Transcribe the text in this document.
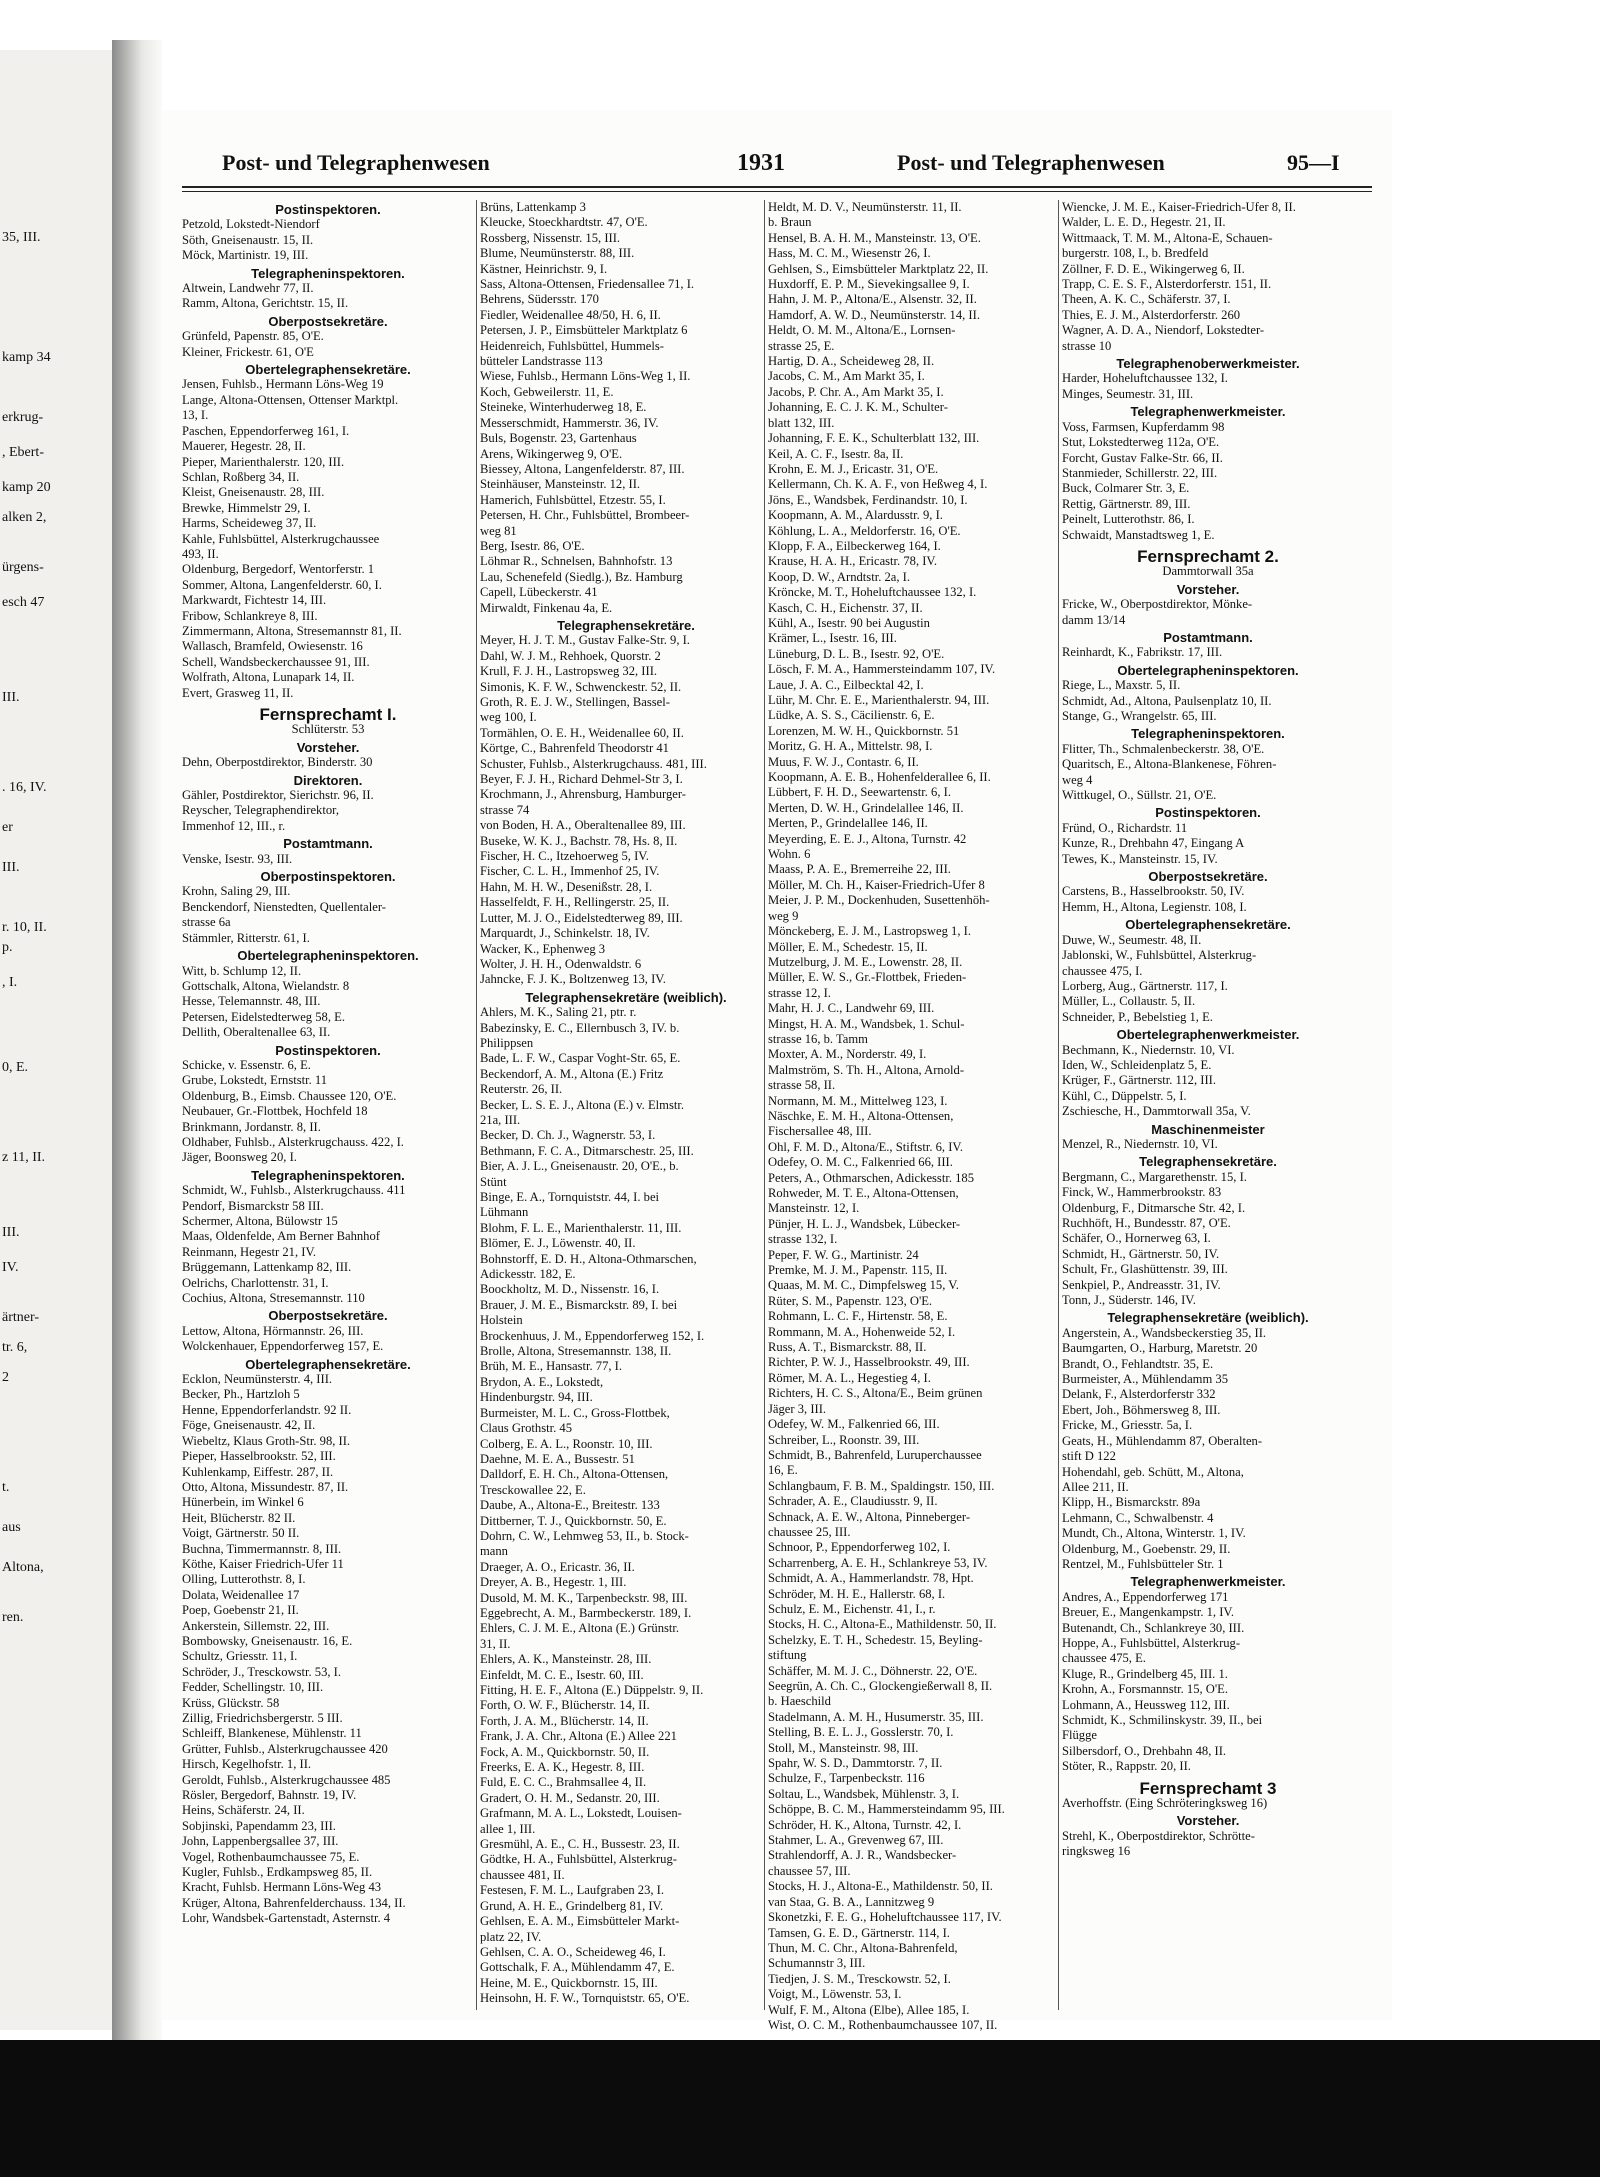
35, III.
kamp 34
erkrug-
, Ebert-
kamp 20
alken 2,
ürgens-
esch 47
III.
. 16, IV.
er
III.
r. 10, II.
p.
, I.
0, E.
z 11, II.
III.
IV.
ärtner-
tr. 6,
2
t.
aus
Altona,
ren.
Post- und Telegraphenwesen	1931	Post- und Telegraphenwesen	95—I
Postinspektoren.
Petzold, Lokstedt-Niendorf
Söth, Gneisenaustr. 15, II.
Möck, Martinistr. 19, III.
Telegrapheninspektoren.
Altwein, Landwehr 77, II.
Ramm, Altona, Gerichtstr. 15, II.
Oberpostsekretäre.
Grünfeld, Papenstr. 85, O'E.
Kleiner, Frickestr. 61, O'E
Obertelegraphensekretäre.
Jensen, Fuhlsb., Hermann Löns-Weg 19
Lange, Altona-Ottensen, Ottenser Marktpl.
13, I.
Paschen, Eppendorferweg 161, I.
Mauerer, Hegestr. 28, II.
Pieper, Marienthalerstr. 120, III.
Schlan, Roßberg 34, II.
Kleist, Gneisenaustr. 28, III.
Brewke, Himmelstr 29, I.
Harms, Scheideweg 37, II.
Kahle, Fuhlsbüttel, Alsterkrugchaussee
493, II.
Oldenburg, Bergedorf, Wentorferstr. 1
Sommer, Altona, Langenfelderstr. 60, I.
Markwardt, Fichtestr 14, III.
Fribow, Schlankreye 8, III.
Zimmermann, Altona, Stresemannstr 81, II.
Wallasch, Bramfeld, Owiesenstr. 16
Schell, Wandsbeckerchaussee 91, III.
Wolfrath, Altona, Lunapark 14, II.
Evert, Grasweg 11, II.
Fernsprechamt I.
Schlüterstr. 53
Vorsteher.
Dehn, Oberpostdirektor, Binderstr. 30
Direktoren.
Gähler, Postdirektor, Sierichstr. 96, II.
Reyscher, Telegraphendirektor,
Immenhof 12, III., r.
Postamtmann.
Venske, Isestr. 93, III.
Oberpostinspektoren.
Krohn, Saling 29, III.
Benckendorf, Nienstedten, Quellentaler-
strasse 6a
Stämmler, Ritterstr. 61, I.
Obertelegrapheninspektoren.
Witt, b. Schlump 12, II.
Gottschalk, Altona, Wielandstr. 8
Hesse, Telemannstr. 48, III.
Petersen, Eidelstedterweg 58, E.
Dellith, Oberaltenallee 63, II.
Postinspektoren.
Schicke, v. Essenstr. 6, E.
Grube, Lokstedt, Ernststr. 11
Oldenburg, B., Eimsb. Chaussee 120, O'E.
Neubauer, Gr.-Flottbek, Hochfeld 18
Brinkmann, Jordanstr. 8, II.
Oldhaber, Fuhlsb., Alsterkrugchauss. 422, I.
Jäger, Boonsweg 20, I.
Telegrapheninspektoren.
Schmidt, W., Fuhlsb., Alsterkrugchauss. 411
Pendorf, Bismarckstr 58 III.
Schermer, Altona, Bülowstr 15
Maas, Oldenfelde, Am Berner Bahnhof
Reinmann, Hegestr 21, IV.
Brüggemann, Lattenkamp 82, III.
Oelrichs, Charlottenstr. 31, I.
Cochius, Altona, Stresemannstr. 110
Oberpostsekretäre.
Lettow, Altona, Hörmannstr. 26, III.
Wolckenhauer, Eppendorferweg 157, E.
Obertelegraphensekretäre.
Ecklon, Neumünsterstr. 4, III.
Becker, Ph., Hartzloh 5
Henne, Eppendorferlandstr. 92 II.
Föge, Gneisenaustr. 42, II.
Wiebeltz, Klaus Groth-Str. 98, II.
Pieper, Hasselbrookstr. 52, III.
Kuhlenkamp, Eiffestr. 287, II.
Otto, Altona, Missundestr. 87, II.
Hünerbein, im Winkel 6
Heit, Blücherstr. 82 II.
Voigt, Gärtnerstr. 50 II.
Buchna, Timmermannstr. 8, III.
Köthe, Kaiser Friedrich-Ufer 11
Olling, Lutterothstr. 8, I.
Dolata, Weidenallee 17
Poep, Goebenstr 21, II.
Ankerstein, Sillemstr. 22, III.
Bombowsky, Gneisenaustr. 16, E.
Schultz, Griesstr. 11, I.
Schröder, J., Tresckowstr. 53, I.
Fedder, Schellingstr. 10, III.
Krüss, Glückstr. 58
Zillig, Friedrichsbergerstr. 5 III.
Schleiff, Blankenese, Mühlenstr. 11
Grütter, Fuhlsb., Alsterkrugchaussee 420
Hirsch, Kegelhofstr. 1, II.
Geroldt, Fuhlsb., Alsterkrugchaussee 485
Rösler, Bergedorf, Bahnstr. 19, IV.
Heins, Schäferstr. 24, II.
Sobjinski, Papendamm 23, III.
John, Lappenbergsallee 37, III.
Vogel, Rothenbaumchaussee 75, E.
Kugler, Fuhlsb., Erdkampsweg 85, II.
Kracht, Fuhlsb. Hermann Löns-Weg 43
Krüger, Altona, Bahrenfelderchauss. 134, II.
Lohr, Wandsbek-Gartenstadt, Asternstr. 4
Brüns, Lattenkamp 3
Kleucke, Stoeckhardtstr. 47, O'E.
Rossberg, Nissenstr. 15, III.
Blume, Neumünsterstr. 88, III.
Kästner, Heinrichstr. 9, I.
Sass, Altona-Ottensen, Friedensallee 71, I.
Behrens, Südersstr. 170
Fiedler, Weidenallee 48/50, H. 6, II.
Petersen, J. P., Eimsbütteler Marktplatz 6
Heidenreich, Fuhlsbüttel, Hummels-
bütteler Landstrasse 113
Wiese, Fuhlsb., Hermann Löns-Weg 1, II.
Koch, Gebweilerstr. 11, E.
Steineke, Winterhuderweg 18, E.
Messerschmidt, Hammerstr. 36, IV.
Buls, Bogenstr. 23, Gartenhaus
Arens, Wikingerweg 9, O'E.
Biessey, Altona, Langenfelderstr. 87, III.
Steinhäuser, Mansteinstr. 12, II.
Hamerich, Fuhlsbüttel, Etzestr. 55, I.
Petersen, H. Chr., Fuhlsbüttel, Brombeer-
weg 81
Berg, Isestr. 86, O'E.
Löhmar R., Schnelsen, Bahnhofstr. 13
Lau, Schenefeld (Siedlg.), Bz. Hamburg
Capell, Lübeckerstr. 41
Mirwaldt, Finkenau 4a, E.
Telegraphensekretäre.
Meyer, H. J. T. M., Gustav Falke-Str. 9, I.
Dahl, W. J. M., Rehhoek, Quorstr. 2
Krull, F. J. H., Lastropsweg 32, III.
Simonis, K. F. W., Schwenckestr. 52, II.
Groth, R. E. J. W., Stellingen, Bassel-
weg 100, I.
Tormählen, O. E. H., Weidenallee 60, II.
Körtge, C., Bahrenfeld Theodorstr 41
Schuster, Fuhlsb., Alsterkrugchauss. 481, III.
Beyer, F. J. H., Richard Dehmel-Str 3, I.
Krochmann, J., Ahrensburg, Hamburger-
strasse 74
von Boden, H. A., Oberaltenallee 89, III.
Buseke, W. K. J., Bachstr. 78, Hs. 8, II.
Fischer, H. C., Itzehoerweg 5, IV.
Fischer, C. L. H., Immenhof 25, IV.
Hahn, M. H. W., Desenißstr. 28, I.
Hasselfeldt, F. H., Rellingerstr. 25, II.
Lutter, M. J. O., Eidelstedterweg 89, III.
Marquardt, J., Schinkelstr. 18, IV.
Wacker, K., Ephenweg 3
Wolter, J. H. H., Odenwaldstr. 6
Jahncke, F. J. K., Boltzenweg 13, IV.
Telegraphensekretäre (weiblich).
Ahlers, M. K., Saling 21, ptr. r.
Babezinsky, E. C., Ellernbusch 3, IV. b.
Philippsen
Bade, L. F. W., Caspar Voght-Str. 65, E.
Beckendorf, A. M., Altona (E.) Fritz
Reuterstr. 26, II.
Becker, L. S. E. J., Altona (E.) v. Elmstr.
21a, III.
Becker, D. Ch. J., Wagnerstr. 53, I.
Bethmann, F. C. A., Ditmarschestr. 25, III.
Bier, A. J. L., Gneisenaustr. 20, O'E., b.
Stünt
Binge, E. A., Tornquiststr. 44, I. bei
Lühmann
Blohm, F. L. E., Marienthalerstr. 11, III.
Blömer, E. J., Löwenstr. 40, II.
Bohnstorff, E. D. H., Altona-Othmarschen,
Adickesstr. 182, E.
Boockholtz, M. D., Nissenstr. 16, I.
Brauer, J. M. E., Bismarckstr. 89, I. bei
Holstein
Brockenhuus, J. M., Eppendorferweg 152, I.
Brolle, Altona, Stresemannstr. 138, II.
Brüh, M. E., Hansastr. 77, I.
Brydon, A. E., Lokstedt,
Hindenburgstr. 94, III.
Burmeister, M. L. C., Gross-Flottbek,
Claus Grothstr. 45
Colberg, E. A. L., Roonstr. 10, III.
Daehne, M. E. A., Bussestr. 51
Dalldorf, E. H. Ch., Altona-Ottensen,
Tresckowallee 22, E.
Daube, A., Altona-E., Breitestr. 133
Dittberner, T. J., Quickbornstr. 50, E.
Dohrn, C. W., Lehmweg 53, II., b. Stock-
mann
Draeger, A. O., Ericastr. 36, II.
Dreyer, A. B., Hegestr. 1, III.
Dusold, M. M. K., Tarpenbeckstr. 98, III.
Eggebrecht, A. M., Barmbeckerstr. 189, I.
Ehlers, C. J. M. E., Altona (E.) Grünstr.
31, II.
Ehlers, A. K., Mansteinstr. 28, III.
Einfeldt, M. C. E., Isestr. 60, III.
Fitting, H. E. F., Altona (E.) Düppelstr. 9, II.
Forth, O. W. F., Blücherstr. 14, II.
Forth, J. A. M., Blücherstr. 14, II.
Frank, J. A. Chr., Altona (E.) Allee 221
Fock, A. M., Quickbornstr. 50, II.
Freerks, E. A. K., Hegestr. 8, III.
Fuld, E. C. C., Brahmsallee 4, II.
Gradert, O. H. M., Sedanstr. 20, III.
Grafmann, M. A. L., Lokstedt, Louisen-
allee 1, III.
Gresmühl, A. E., C. H., Bussestr. 23, II.
Gödtke, H. A., Fuhlsbüttel, Alsterkrug-
chaussee 481, II.
Festesen, F. M. L., Laufgraben 23, I.
Grund, A. H. E., Grindelberg 81, IV.
Gehlsen, E. A. M., Eimsbütteler Markt-
platz 22, IV.
Gehlsen, C. A. O., Scheideweg 46, I.
Gottschalk, F. A., Mühlendamm 47, E.
Heine, M. E., Quickbornstr. 15, III.
Heinsohn, H. F. W., Tornquiststr. 65, O'E.
Heldt, M. D. V., Neumünsterstr. 11, II.
b. Braun
Hensel, B. A. H. M., Mansteinstr. 13, O'E.
Hass, M. C. M., Wiesenstr 26, I.
Gehlsen, S., Eimsbütteler Marktplatz 22, II.
Huxdorff, E. P. M., Sievekingsallee 9, I.
Hahn, J. M. P., Altona/E., Alsenstr. 32, II.
Hamdorf, A. W. D., Neumünsterstr. 14, II.
Heldt, O. M. M., Altona/E., Lornsen-
strasse 25, E.
Hartig, D. A., Scheideweg 28, II.
Jacobs, C. M., Am Markt 35, I.
Jacobs, P. Chr. A., Am Markt 35, I.
Johanning, E. C. J. K. M., Schulter-
blatt 132, III.
Johanning, F. E. K., Schulterblatt 132, III.
Keil, A. C. F., Isestr. 8a, II.
Krohn, E. M. J., Ericastr. 31, O'E.
Kellermann, Ch. K. A. F., von Heßweg 4, I.
Jöns, E., Wandsbek, Ferdinandstr. 10, I.
Koopmann, A. M., Alardusstr. 9, I.
Köhlung, L. A., Meldorferstr. 16, O'E.
Klopp, F. A., Eilbeckerweg 164, I.
Krause, H. A. H., Ericastr. 78, IV.
Koop, D. W., Arndtstr. 2a, I.
Kröncke, M. T., Hoheluftchaussee 132, I.
Kasch, C. H., Eichenstr. 37, II.
Kühl, A., Isestr. 90 bei Augustin
Krämer, L., Isestr. 16, III.
Lüneburg, D. L. B., Isestr. 92, O'E.
Lösch, F. M. A., Hammersteindamm 107, IV.
Laue, J. A. C., Eilbecktal 42, I.
Lühr, M. Chr. E. E., Marienthalerstr. 94, III.
Lüdke, A. S. S., Cäcilienstr. 6, E.
Lorenzen, M. W. H., Quickbornstr. 51
Moritz, G. H. A., Mittelstr. 98, I.
Muus, F. W. J., Contastr. 6, II.
Koopmann, A. E. B., Hohenfelderallee 6, II.
Lübbert, F. H. D., Seewartenstr. 6, I.
Merten, D. W. H., Grindelallee 146, II.
Merten, P., Grindelallee 146, II.
Meyerding, E. E. J., Altona, Turnstr. 42
Wohn. 6
Maass, P. A. E., Bremerreihe 22, III.
Möller, M. Ch. H., Kaiser-Friedrich-Ufer 8
Meier, J. P. M., Dockenhuden, Susettenhöh-
weg 9
Mönckeberg, E. J. M., Lastropsweg 1, I.
Möller, E. M., Schedestr. 15, II.
Mutzelburg, J. M. E., Lowenstr. 28, II.
Müller, E. W. S., Gr.-Flottbek, Frieden-
strasse 12, I.
Mahr, H. J. C., Landwehr 69, III.
Mingst, H. A. M., Wandsbek, 1. Schul-
strasse 16, b. Tamm
Moxter, A. M., Norderstr. 49, I.
Malmström, S. Th. H., Altona, Arnold-
strasse 58, II.
Normann, M. M., Mittelweg 123, I.
Näschke, E. M. H., Altona-Ottensen,
Fischersallee 48, III.
Ohl, F. M. D., Altona/E., Stiftstr. 6, IV.
Odefey, O. M. C., Falkenried 66, III.
Peters, A., Othmarschen, Adickesstr. 185
Rohweder, M. T. E., Altona-Ottensen,
Mansteinstr. 12, I.
Pünjer, H. L. J., Wandsbek, Lübecker-
strasse 132, I.
Peper, F. W. G., Martinistr. 24
Premke, M. J. M., Papenstr. 115, II.
Quaas, M. M. C., Dimpfelsweg 15, V.
Rüter, S. M., Papenstr. 123, O'E.
Rohmann, L. C. F., Hirtenstr. 58, E.
Rommann, M. A., Hohenweide 52, I.
Russ, A. T., Bismarckstr. 88, II.
Richter, P. W. J., Hasselbrookstr. 49, III.
Römer, M. A. L., Hegestieg 4, I.
Richters, H. C. S., Altona/E., Beim grünen
Jäger 3, III.
Odefey, W. M., Falkenried 66, III.
Schreiber, L., Roonstr. 39, III.
Schmidt, B., Bahrenfeld, Luruperchaussee
16, E.
Schlangbaum, F. B. M., Spaldingstr. 150, III.
Schrader, A. E., Claudiusstr. 9, II.
Schnack, A. E. W., Altona, Pinneberger-
chaussee 25, III.
Schnoor, P., Eppendorferweg 102, I.
Scharrenberg, A. E. H., Schlankreye 53, IV.
Schmidt, A. A., Hammerlandstr. 78, Hpt.
Schröder, M. H. E., Hallerstr. 68, I.
Schulz, E. M., Eichenstr. 41, I., r.
Stocks, H. C., Altona-E., Mathildenstr. 50, II.
Schelzky, E. T. H., Schedestr. 15, Beyling-
stiftung
Schäffer, M. M. J. C., Döhnerstr. 22, O'E.
Seegrün, A. Ch. C., Glockengießerwall 8, II.
b. Haeschild
Stadelmann, A. M. H., Husumerstr. 35, III.
Stelling, B. E. L. J., Gosslerstr. 70, I.
Stoll, M., Mansteinstr. 98, III.
Spahr, W. S. D., Dammtorstr. 7, II.
Schulze, F., Tarpenbeckstr. 116
Soltau, L., Wandsbek, Mühlenstr. 3, I.
Schöppe, B. C. M., Hammersteindamm 95, III.
Schröder, H. K., Altona, Turnstr. 42, I.
Stahmer, L. A., Grevenweg 67, III.
Strahlendorff, A. J. R., Wandsbecker-
chaussee 57, III.
Stocks, H. J., Altona-E., Mathildenstr. 50, II.
van Staa, G. B. A., Lannitzweg 9
Skonetzki, F. E. G., Hoheluftchaussee 117, IV.
Tamsen, G. E. D., Gärtnerstr. 114, I.
Thun, M. C. Chr., Altona-Bahrenfeld,
Schumannstr 3, III.
Tiedjen, J. S. M., Tresckowstr. 52, I.
Voigt, M., Löwenstr. 53, I.
Wulf, F. M., Altona (Elbe), Allee 185, I.
Wist, O. C. M., Rothenbaumchaussee 107, II.
Wiencke, J. M. E., Kaiser-Friedrich-Ufer 8, II.
Walder, L. E. D., Hegestr. 21, II.
Wittmaack, T. M. M., Altona-E, Schauen-
burgerstr. 108, I., b. Bredfeld
Zöllner, F. D. E., Wikingerweg 6, II.
Trapp, C. E. S. F., Alsterdorferstr. 151, II.
Theen, A. K. C., Schäferstr. 37, I.
Thies, E. J. M., Alsterdorferstr. 260
Wagner, A. D. A., Niendorf, Lokstedter-
strasse 10
Telegraphenoberwerkmeister.
Harder, Hoheluftchaussee 132, I.
Minges, Seumestr. 31, III.
Telegraphenwerkmeister.
Voss, Farmsen, Kupferdamm 98
Stut, Lokstedterweg 112a, O'E.
Forcht, Gustav Falke-Str. 66, II.
Stanmieder, Schillerstr. 22, III.
Buck, Colmarer Str. 3, E.
Rettig, Gärtnerstr. 89, III.
Peinelt, Lutterothstr. 86, I.
Schwaidt, Manstadtsweg 1, E.
Fernsprechamt 2.
Dammtorwall 35a
Vorsteher.
Fricke, W., Oberpostdirektor, Mönke-
damm 13/14
Postamtmann.
Reinhardt, K., Fabrikstr. 17, III.
Obertelegrapheninspektoren.
Riege, L., Maxstr. 5, II.
Schmidt, Ad., Altona, Paulsenplatz 10, II.
Stange, G., Wrangelstr. 65, III.
Telegrapheninspektoren.
Flitter, Th., Schmalenbeckerstr. 38, O'E.
Quaritsch, E., Altona-Blankenese, Föhren-
weg 4
Wittkugel, O., Süllstr. 21, O'E.
Postinspektoren.
Fründ, O., Richardstr. 11
Kunze, R., Drehbahn 47, Eingang A
Tewes, K., Mansteinstr. 15, IV.
Oberpostsekretäre.
Carstens, B., Hasselbrookstr. 50, IV.
Hemm, H., Altona, Legienstr. 108, I.
Obertelegraphensekretäre.
Duwe, W., Seumestr. 48, II.
Jablonski, W., Fuhlsbüttel, Alsterkrug-
chaussee 475, I.
Lorberg, Aug., Gärtnerstr. 117, I.
Müller, L., Collaustr. 5, II.
Schneider, P., Bebelstieg 1, E.
Obertelegraphenwerkmeister.
Bechmann, K., Niedernstr. 10, VI.
Iden, W., Schleidenplatz 5, E.
Krüger, F., Gärtnerstr. 112, III.
Kühl, C., Düppelstr. 5, I.
Zschiesche, H., Dammtorwall 35a, V.
Maschinenmeister
Menzel, R., Niedernstr. 10, VI.
Telegraphensekretäre.
Bergmann, C., Margarethenstr. 15, I.
Finck, W., Hammerbrookstr. 83
Oldenburg, F., Ditmarsche Str. 42, I.
Ruchhöft, H., Bundesstr. 87, O'E.
Schäfer, O., Hornerweg 63, I.
Schmidt, H., Gärtnerstr. 50, IV.
Schult, Fr., Glashüttenstr. 39, III.
Senkpiel, P., Andreasstr. 31, IV.
Tonn, J., Süderstr. 146, IV.
Telegraphensekretäre (weiblich).
Angerstein, A., Wandsbeckerstieg 35, II.
Baumgarten, O., Harburg, Maretstr. 20
Brandt, O., Fehlandtstr. 35, E.
Burmeister, A., Mühlendamm 35
Delank, F., Alsterdorferstr 332
Ebert, Joh., Böhmersweg 8, III.
Fricke, M., Griesstr. 5a, I.
Geats, H., Mühlendamm 87, Oberalten-
stift D 122
Hohendahl, geb. Schütt, M., Altona,
Allee 211, II.
Klipp, H., Bismarckstr. 89a
Lehmann, C., Schwalbenstr. 4
Mundt, Ch., Altona, Winterstr. 1, IV.
Oldenburg, M., Goebenstr. 29, II.
Rentzel, M., Fuhlsbütteler Str. 1
Telegraphenwerkmeister.
Andres, A., Eppendorferweg 171
Breuer, E., Mangenkampstr. 1, IV.
Butenandt, Ch., Schlankreye 30, III.
Hoppe, A., Fuhlsbüttel, Alsterkrug-
chaussee 475, E.
Kluge, R., Grindelberg 45, III. 1.
Krohn, A., Forsmannstr. 15, O'E.
Lohmann, A., Heussweg 112, III.
Schmidt, K., Schmilinskystr. 39, II., bei
Flügge
Silbersdorf, O., Drehbahn 48, II.
Stöter, R., Rappstr. 20, II.
Fernsprechamt 3
Averhoffstr. (Eing Schröteringksweg 16)
Vorsteher.
Strehl, K., Oberpostdirektor, Schrötte-
ringksweg 16
